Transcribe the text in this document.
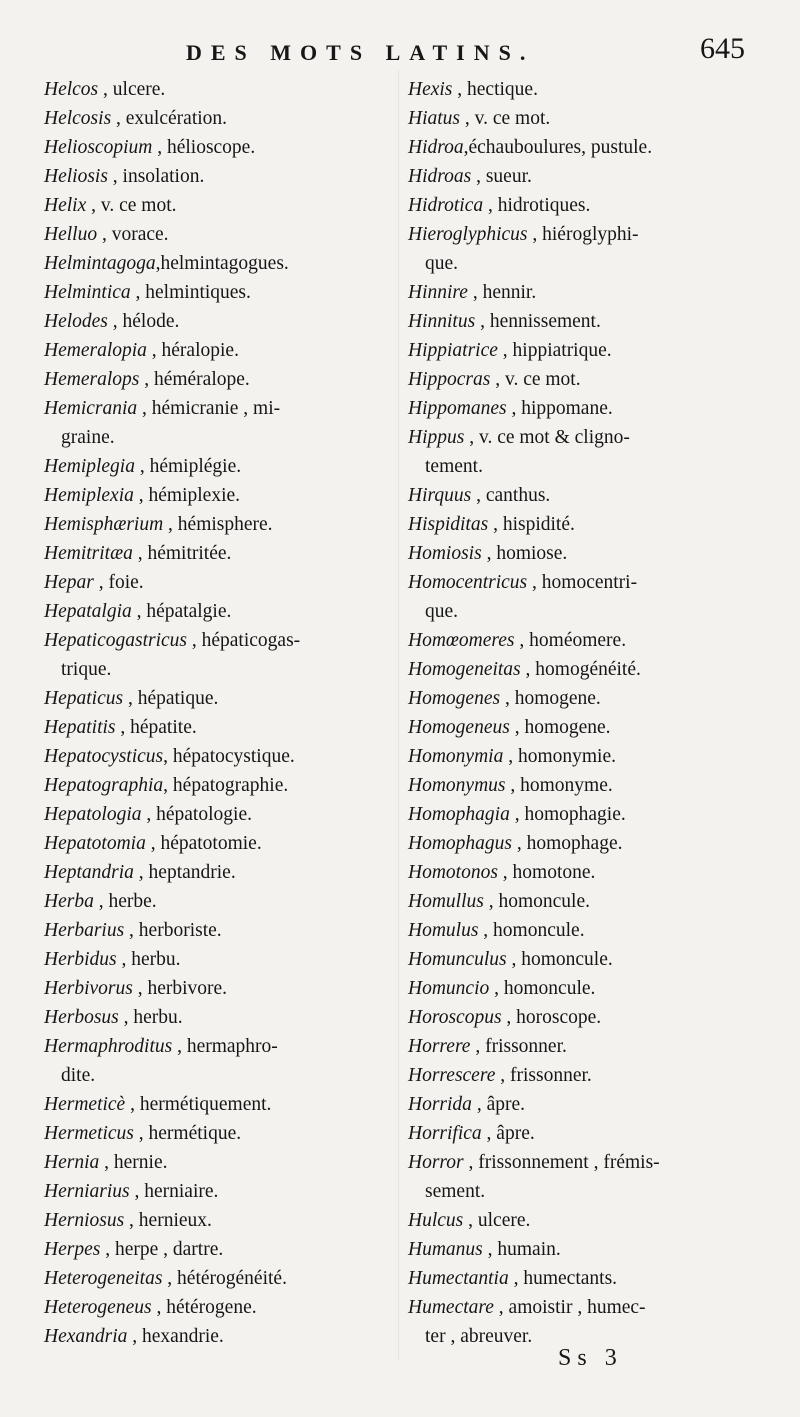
DES MOTS LATINS.	645
Helcos , ulcere.
Helcosis , exulcération.
Helioscopium , hélioscope.
Heliosis , insolation.
Helix , v. ce mot.
Helluo , vorace.
Helmintagoga,helmintagogues.
Helmintica , helmintiques.
Helodes , hélode.
Hemeralopia , héralopie.
Hemeralops , héméralope.
Hemicrania , hémicranie , mi-
graine.
Hemiplegia , hémiplégie.
Hemiplexia , hémiplexie.
Hemisphærium , hémisphere.
Hemitritæa , hémitritée.
Hepar , foie.
Hepatalgia , hépatalgie.
Hepaticogastricus , hépaticogas-
trique.
Hepaticus , hépatique.
Hepatitis , hépatite.
Hepatocysticus, hépatocystique.
Hepatographia, hépatographie.
Hepatologia , hépatologie.
Hepatotomia , hépatotomie.
Heptandria , heptandrie.
Herba , herbe.
Herbarius , herboriste.
Herbidus , herbu.
Herbivorus , herbivore.
Herbosus , herbu.
Hermaphroditus , hermaphro-
dite.
Hermeticè , hermétiquement.
Hermeticus , hermétique.
Hernia , hernie.
Herniarius , herniaire.
Herniosus , hernieux.
Herpes , herpe , dartre.
Heterogeneitas , hétérogénéité.
Heterogeneus , hétérogene.
Hexandria , hexandrie.
Hexis , hectique.
Hiatus , v. ce mot.
Hidroa,échauboulures, pustule.
Hidroas , sueur.
Hidrotica , hidrotiques.
Hieroglyphicus , hiéroglyphi-
que.
Hinnire , hennir.
Hinnitus , hennissement.
Hippiatrice , hippiatrique.
Hippocras , v. ce mot.
Hippomanes , hippomane.
Hippus , v. ce mot & cligno-
tement.
Hirquus , canthus.
Hispiditas , hispidité.
Homiosis , homiose.
Homocentricus , homocentri-
que.
Homœomeres , homéomere.
Homogeneitas , homogénéité.
Homogenes , homogene.
Homogeneus , homogene.
Homonymia , homonymie.
Homonymus , homonyme.
Homophagia , homophagie.
Homophagus , homophage.
Homotonos , homotone.
Homullus , homoncule.
Homulus , homoncule.
Homunculus , homoncule.
Homuncio , homoncule.
Horoscopus , horoscope.
Horrere , frissonner.
Horrescere , frissonner.
Horrida , âpre.
Horrifica , âpre.
Horror , frissonnement , frémis-
sement.
Hulcus , ulcere.
Humanus , humain.
Humectantia , humectants.
Humectare , amoistir , humec-
ter , abreuver.
Ss 3
